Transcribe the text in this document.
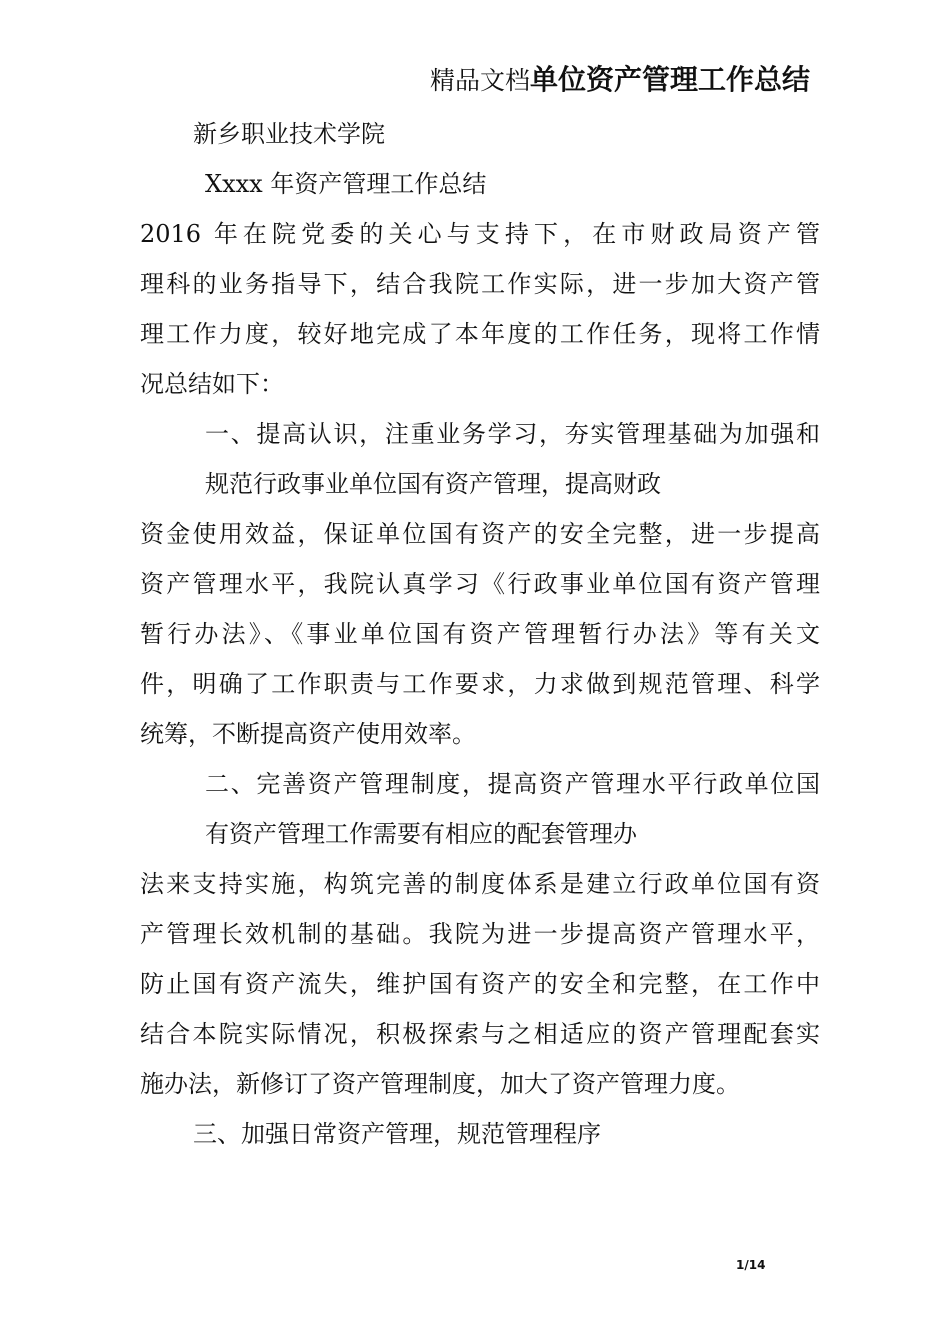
精品文档单位资产管理工作总结
新乡职业技术学院
Xxxx 年资产管理工作总结
2016 年在院党委的关心与支持下，在市财政局资产管
理科的业务指导下，结合我院工作实际，进一步加大资产管
理工作力度，较好地完成了本年度的工作任务，现将工作情
况总结如下：
一、提高认识，注重业务学习，夯实管理基础为加强和
规范行政事业单位国有资产管理，提高财政
资金使用效益，保证单位国有资产的安全完整，进一步提高
资产管理水平，我院认真学习《行政事业单位国有资产管理
暂行办法》、《事业单位国有资产管理暂行办法》等有关文
件，明确了工作职责与工作要求，力求做到规范管理、科学
统筹，不断提高资产使用效率。
二、完善资产管理制度，提高资产管理水平行政单位国
有资产管理工作需要有相应的配套管理办
法来支持实施，构筑完善的制度体系是建立行政单位国有资
产管理长效机制的基础。我院为进一步提高资产管理水平，
防止国有资产流失，维护国有资产的安全和完整，在工作中
结合本院实际情况，积极探索与之相适应的资产管理配套实
施办法，新修订了资产管理制度，加大了资产管理力度。
三、加强日常资产管理，规范管理程序
1/14
